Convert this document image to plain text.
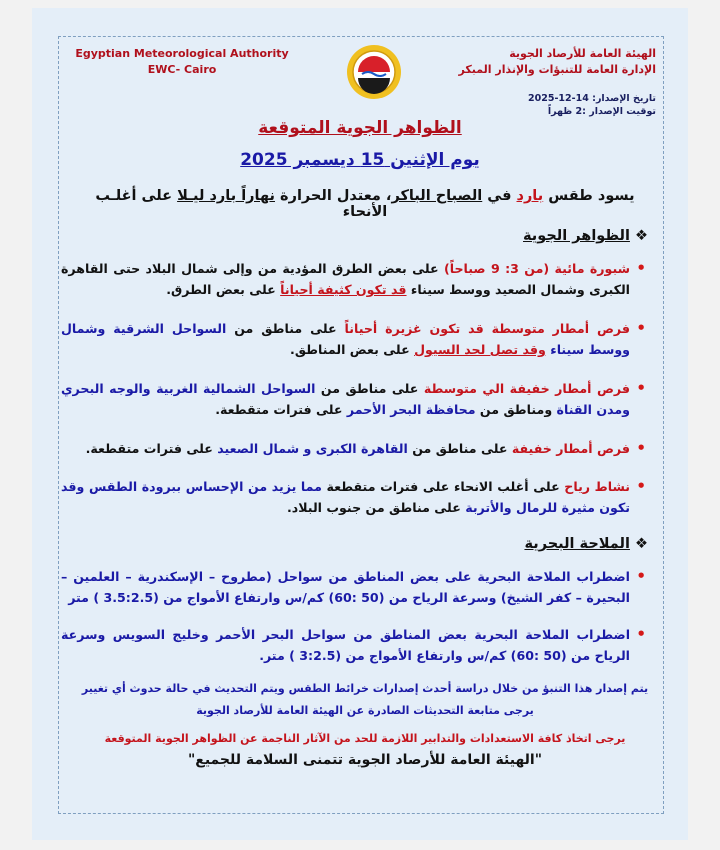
Egyptian Meteorological Authority
EWC- Cairo
الهيئة العامة للأرصاد الجوية
الإدارة العامة للتنبؤات والإنذار المبكر
تاريخ الإصدار: 14-12-2025
توقيت الإصدار :2 ظهراً
الظواهر الجوية المتوقعة
يوم الإثنين 15 ديسمبر 2025
يسود طقس بارد في الصباح الباكر، معتدل الحرارة نهاراً بارد ليـلا على أغلـب الأنحاء
❖ الظواهر الجوية
• شبورة مائية (من 3: 9 صباحاً) على بعض الطرق المؤدية من وإلى شمال البلاد حتى القاهرة الكبرى وشمال الصعيد ووسط سيناء قد تكون كثيفة أحياناً على بعض الطرق.
• فرص أمطار متوسطة قد تكون غزيرة أحياناً على مناطق من السواحل الشرقية وشمال ووسط سيناء وقد تصل لحد السيول على بعض المناطق.
• فرص أمطار خفيفة الي متوسطة على مناطق من السواحل الشمالية الغربية والوجه البحري ومدن القناة ومناطق من محافظة البحر الأحمر على فترات متقطعة.
• فرص أمطار خفيفة على مناطق من القاهرة الكبرى و شمال الصعيد على فترات متقطعة.
• نشاط رياح على أغلب الانحاء على فترات متقطعة مما يزيد من الإحساس ببرودة الطقس وقد تكون مثيرة للرمال والأتربة على مناطق من جنوب البلاد.
❖ الملاحة البحرية
• اضطراب الملاحة البحرية على بعض المناطق من سواحل (مطروح – الإسكندرية – العلمين – البحيرة – كفر الشيخ) وسرعة الرياح من (50 :60) كم/س وارتفاع الأمواج من (3.5:2.5 ) متر
• اضطراب الملاحة البحرية بعض المناطق من سواحل البحر الأحمر وخليج السويس وسرعة الرياح من (50 :60) كم/س وارتفاع الأمواج من (3:2.5 ) متر.
يتم إصدار هذا التنبؤ من خلال دراسة أحدث إصدارات خرائط الطقس ويتم التحديث في حالة حدوث أي تغيير
يرجى متابعة التحديثات الصادرة عن الهيئة العامة للأرصاد الجوية
يرجى اتخاذ كافة الاستعدادات والتدابير اللازمة للحد من الآثار الناجمة عن الظواهر الجوية المتوقعة
"الهيئة العامة للأرصاد الجوية تتمنى السلامة للجميع"
